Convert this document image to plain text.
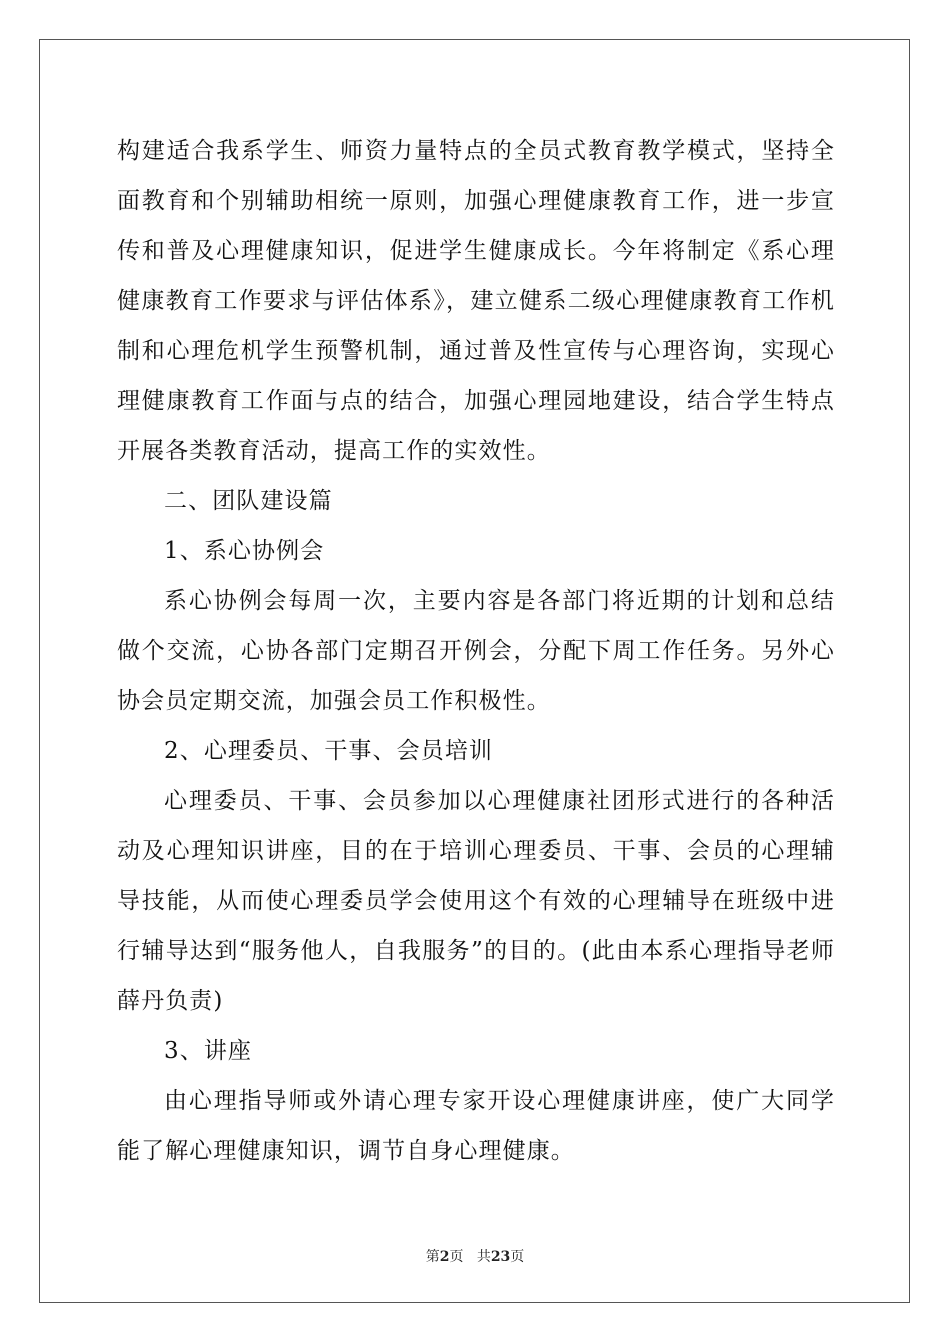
构建适合我系学生、师资力量特点的全员式教育教学模式，坚持全面教育和个别辅助相统一原则，加强心理健康教育工作，进一步宣传和普及心理健康知识，促进学生健康成长。今年将制定《系心理健康教育工作要求与评估体系》，建立健系二级心理健康教育工作机制和心理危机学生预警机制，通过普及性宣传与心理咨询，实现心理健康教育工作面与点的结合，加强心理园地建设，结合学生特点开展各类教育活动，提高工作的实效性。

二、团队建设篇

1、系心协例会

系心协例会每周一次，主要内容是各部门将近期的计划和总结做个交流，心协各部门定期召开例会，分配下周工作任务。另外心协会员定期交流，加强会员工作积极性。

2、心理委员、干事、会员培训

心理委员、干事、会员参加以心理健康社团形式进行的各种活动及心理知识讲座，目的在于培训心理委员、干事、会员的心理辅导技能，从而使心理委员学会使用这个有效的心理辅导在班级中进行辅导达到“服务他人，自我服务”的目的。(此由本系心理指导老师薛丹负责)

3、讲座

由心理指导师或外请心理专家开设心理健康讲座，使广大同学能了解心理健康知识，调节自身心理健康。

第2页 共23页
